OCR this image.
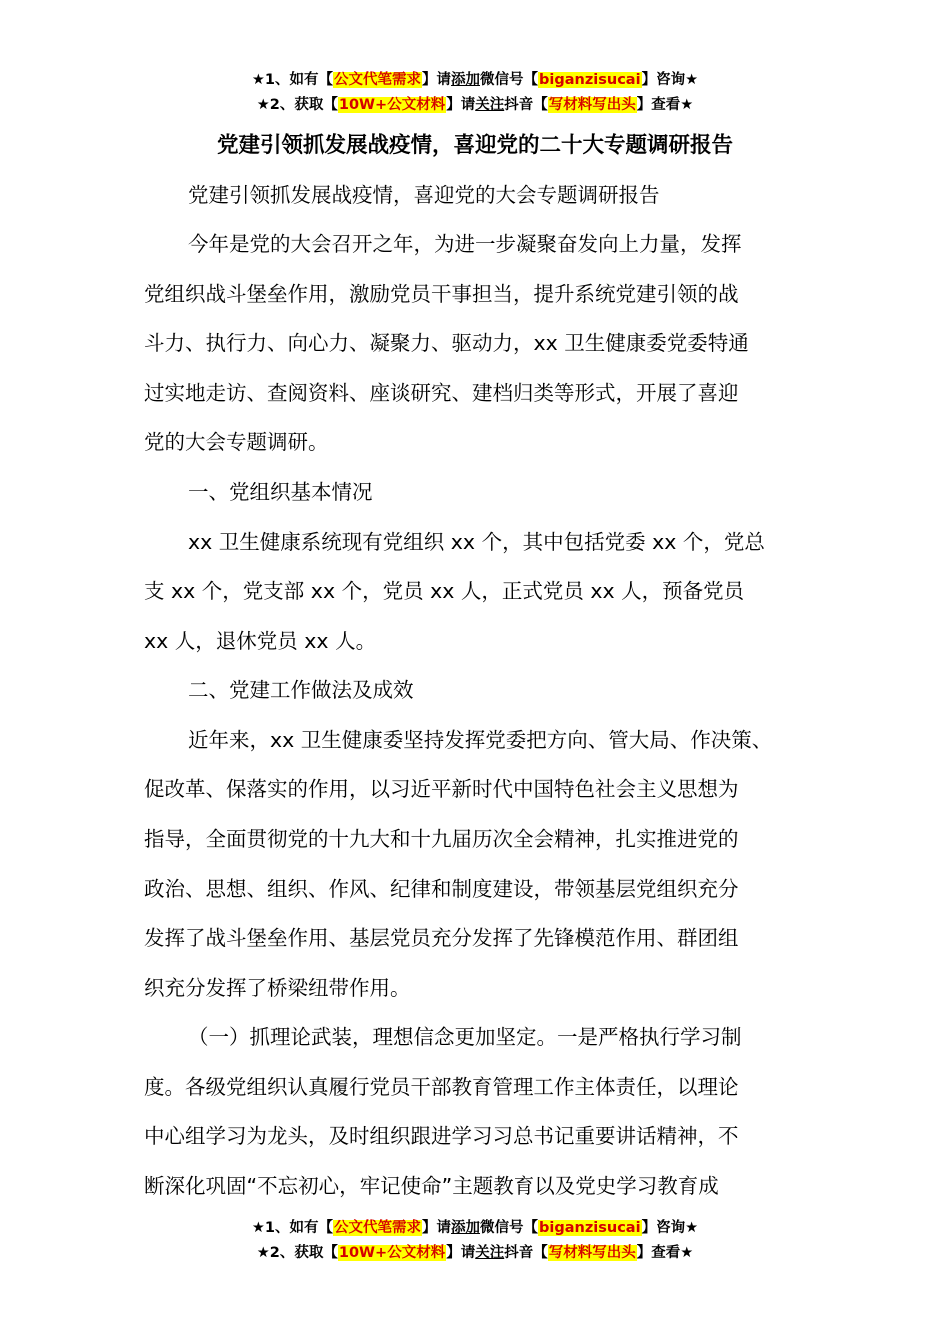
★1、如有【公文代笔需求】请添加微信号【biganzisucai】咨询★
★2、获取【10W+公文材料】请关注抖音【写材料写出头】查看★
党建引领抓发展战疫情，喜迎党的二十大专题调研报告
党建引领抓发展战疫情，喜迎党的大会专题调研报告
今年是党的大会召开之年，为进一步凝聚奋发向上力量，发挥
党组织战斗堡垒作用，激励党员干事担当，提升系统党建引领的战
斗力、执行力、向心力、凝聚力、驱动力，xx 卫生健康委党委特通
过实地走访、查阅资料、座谈研究、建档归类等形式，开展了喜迎
党的大会专题调研。
一、党组织基本情况
xx 卫生健康系统现有党组织 xx 个，其中包括党委 xx 个，党总
支 xx 个，党支部 xx 个，党员 xx 人，正式党员 xx 人，预备党员
xx 人，退休党员 xx 人。
二、党建工作做法及成效
近年来，xx 卫生健康委坚持发挥党委把方向、管大局、作决策、
促改革、保落实的作用，以习近平新时代中国特色社会主义思想为
指导，全面贯彻党的十九大和十九届历次全会精神，扎实推进党的
政治、思想、组织、作风、纪律和制度建设，带领基层党组织充分
发挥了战斗堡垒作用、基层党员充分发挥了先锋模范作用、群团组
织充分发挥了桥梁纽带作用。
（一）抓理论武装，理想信念更加坚定。一是严格执行学习制
度。各级党组织认真履行党员干部教育管理工作主体责任，以理论
中心组学习为龙头，及时组织跟进学习习总书记重要讲话精神，不
断深化巩固“不忘初心，牢记使命”主题教育以及党史学习教育成
★1、如有【公文代笔需求】请添加微信号【biganzisucai】咨询★
★2、获取【10W+公文材料】请关注抖音【写材料写出头】查看★
